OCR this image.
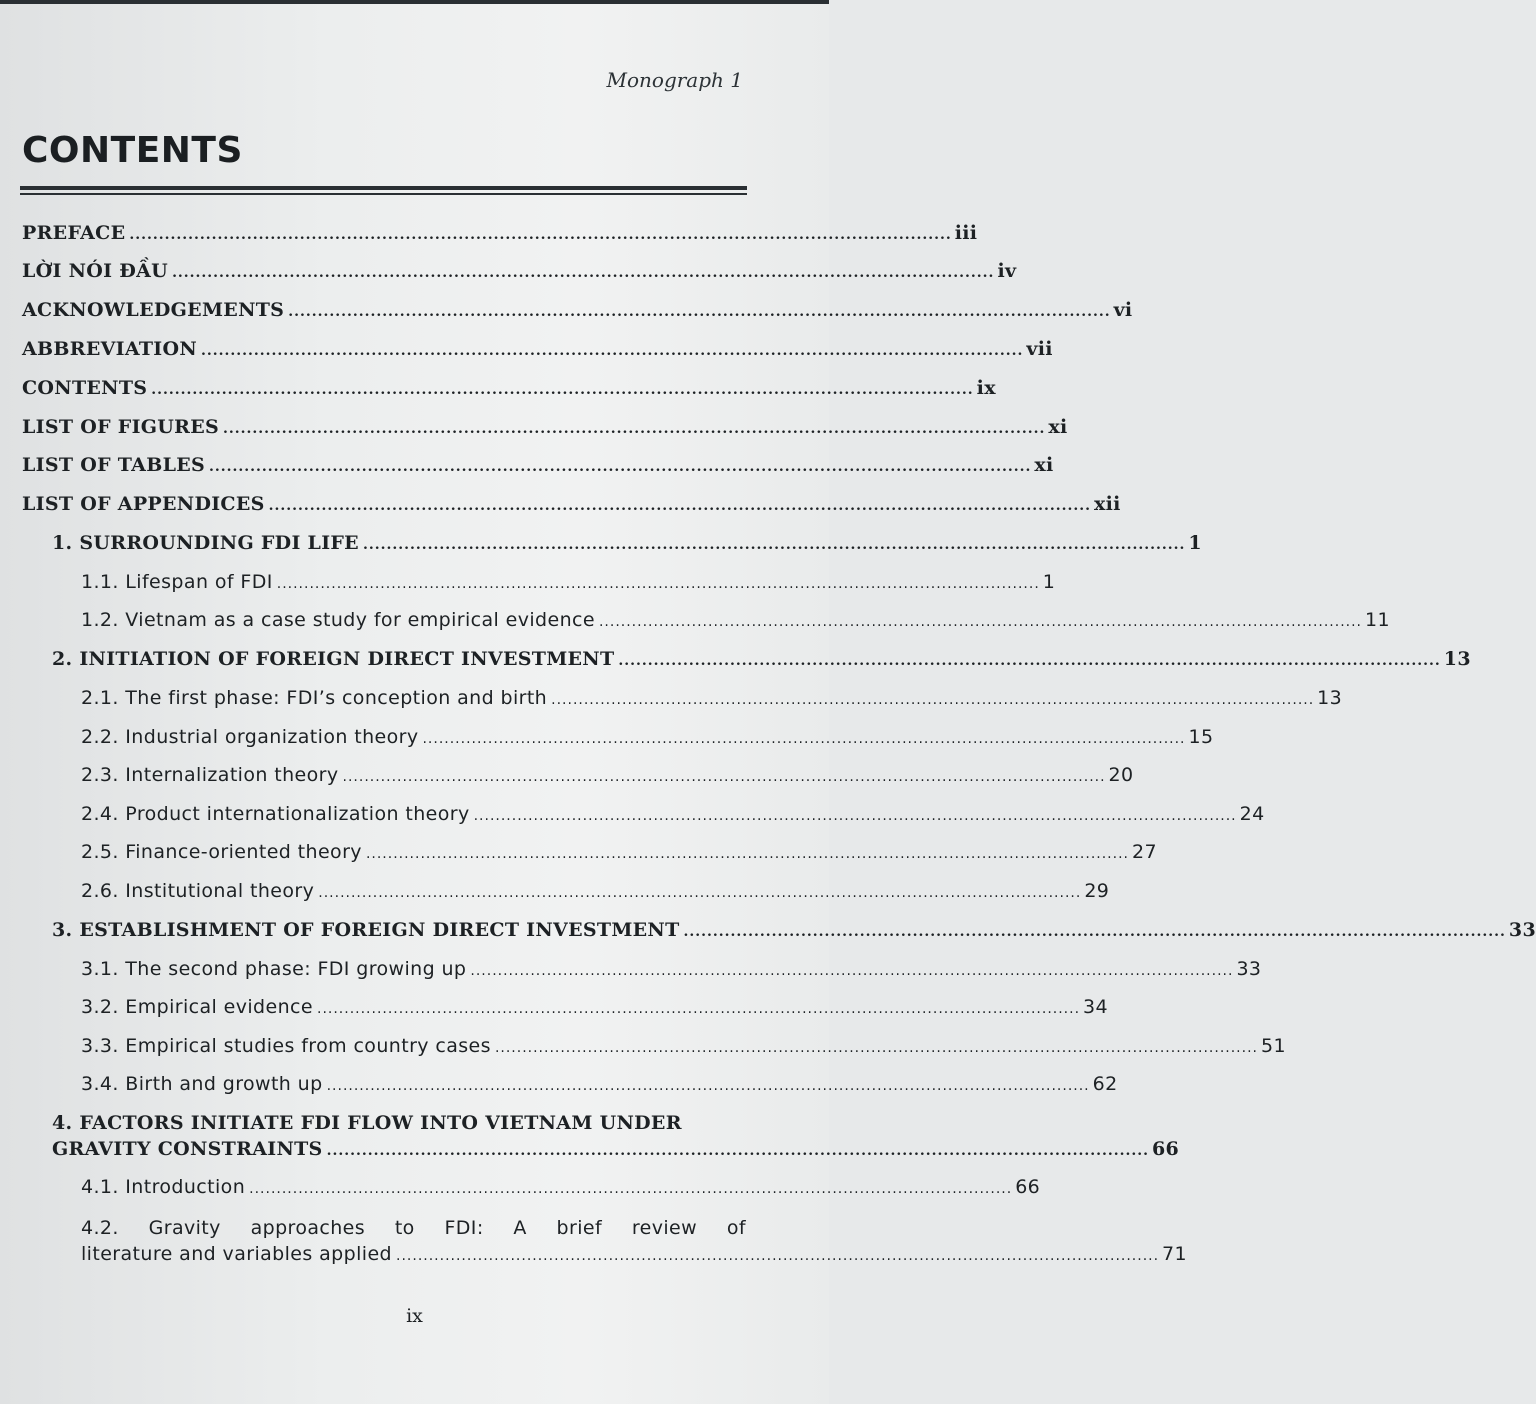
Monograph 1
CONTENTS
PREFACE ............................................................................................................................................ iii
LỜI NÓI ĐẦU ............................................................................................................................................ iv
ACKNOWLEDGEMENTS ............................................................................................................................................ vi
ABBREVIATION ............................................................................................................................................ vii
CONTENTS ............................................................................................................................................ ix
LIST OF FIGURES ............................................................................................................................................ xi
LIST OF TABLES ............................................................................................................................................ xi
LIST OF APPENDICES ............................................................................................................................................ xii
1. SURROUNDING FDI LIFE ............................................................................................................................................ 1
1.1. Lifespan of FDI ............................................................................................................................................ 1
1.2. Vietnam as a case study for empirical evidence ............................................................................................................................................ 11
2. INITIATION OF FOREIGN DIRECT INVESTMENT ............................................................................................................................................ 13
2.1. The first phase: FDI’s conception and birth ............................................................................................................................................ 13
2.2. Industrial organization theory ............................................................................................................................................ 15
2.3. Internalization theory ............................................................................................................................................ 20
2.4. Product internationalization theory ............................................................................................................................................ 24
2.5. Finance-oriented theory ............................................................................................................................................ 27
2.6. Institutional theory ............................................................................................................................................ 29
3. ESTABLISHMENT OF FOREIGN DIRECT INVESTMENT ............................................................................................................................................ 33
3.1. The second phase: FDI growing up ............................................................................................................................................ 33
3.2. Empirical evidence ............................................................................................................................................ 34
3.3. Empirical studies from country cases ............................................................................................................................................ 51
3.4. Birth and growth up ............................................................................................................................................ 62
4. FACTORS INITIATE FDI FLOW INTO VIETNAM UNDER
GRAVITY CONSTRAINTS ............................................................................................................................................ 66
4.1. Introduction ............................................................................................................................................ 66
4.2. Gravity approaches to FDI: A brief review of
literature and variables applied ............................................................................................................................................ 71
ix
